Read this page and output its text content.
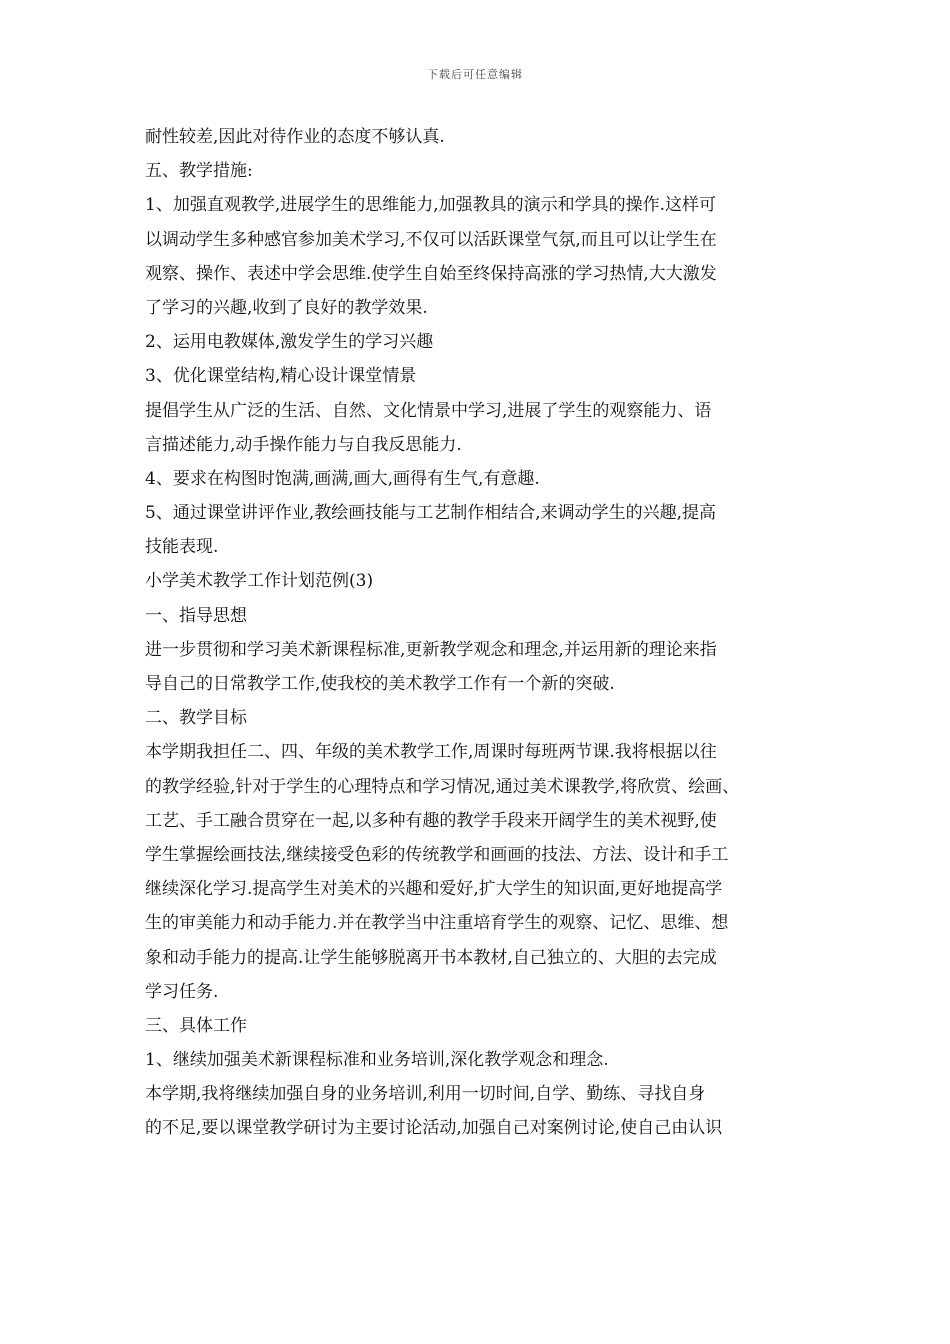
下载后可任意编辑
耐性较差,因此对待作业的态度不够认真.
五、教学措施:
1、加强直观教学,进展学生的思维能力,加强教具的演示和学具的操作.这样可
以调动学生多种感官参加美术学习,不仅可以活跃课堂气氛,而且可以让学生在
观察、操作、表述中学会思维.使学生自始至终保持高涨的学习热情,大大激发
了学习的兴趣,收到了良好的教学效果.
2、运用电教媒体,激发学生的学习兴趣
3、优化课堂结构,精心设计课堂情景
提倡学生从广泛的生活、自然、文化情景中学习,进展了学生的观察能力、语
言描述能力,动手操作能力与自我反思能力.
4、要求在构图时饱满,画满,画大,画得有生气,有意趣.
5、通过课堂讲评作业,教绘画技能与工艺制作相结合,来调动学生的兴趣,提高
技能表现.
小学美术教学工作计划范例(3)
一、指导思想
进一步贯彻和学习美术新课程标准,更新教学观念和理念,并运用新的理论来指
导自己的日常教学工作,使我校的美术教学工作有一个新的突破.
二、教学目标
本学期我担任二、四、年级的美术教学工作,周课时每班两节课.我将根据以往
的教学经验,针对于学生的心理特点和学习情况,通过美术课教学,将欣赏、绘画、
工艺、手工融合贯穿在一起,以多种有趣的教学手段来开阔学生的美术视野,使
学生掌握绘画技法,继续接受色彩的传统教学和画画的技法、方法、设计和手工
继续深化学习.提高学生对美术的兴趣和爱好,扩大学生的知识面,更好地提高学
生的审美能力和动手能力.并在教学当中注重培育学生的观察、记忆、思维、想
象和动手能力的提高.让学生能够脱离开书本教材,自己独立的、大胆的去完成
学习任务.
三、具体工作
1、继续加强美术新课程标准和业务培训,深化教学观念和理念.
本学期,我将继续加强自身的业务培训,利用一切时间,自学、勤练、寻找自身
的不足,要以课堂教学研讨为主要讨论活动,加强自己对案例讨论,使自己由认识
